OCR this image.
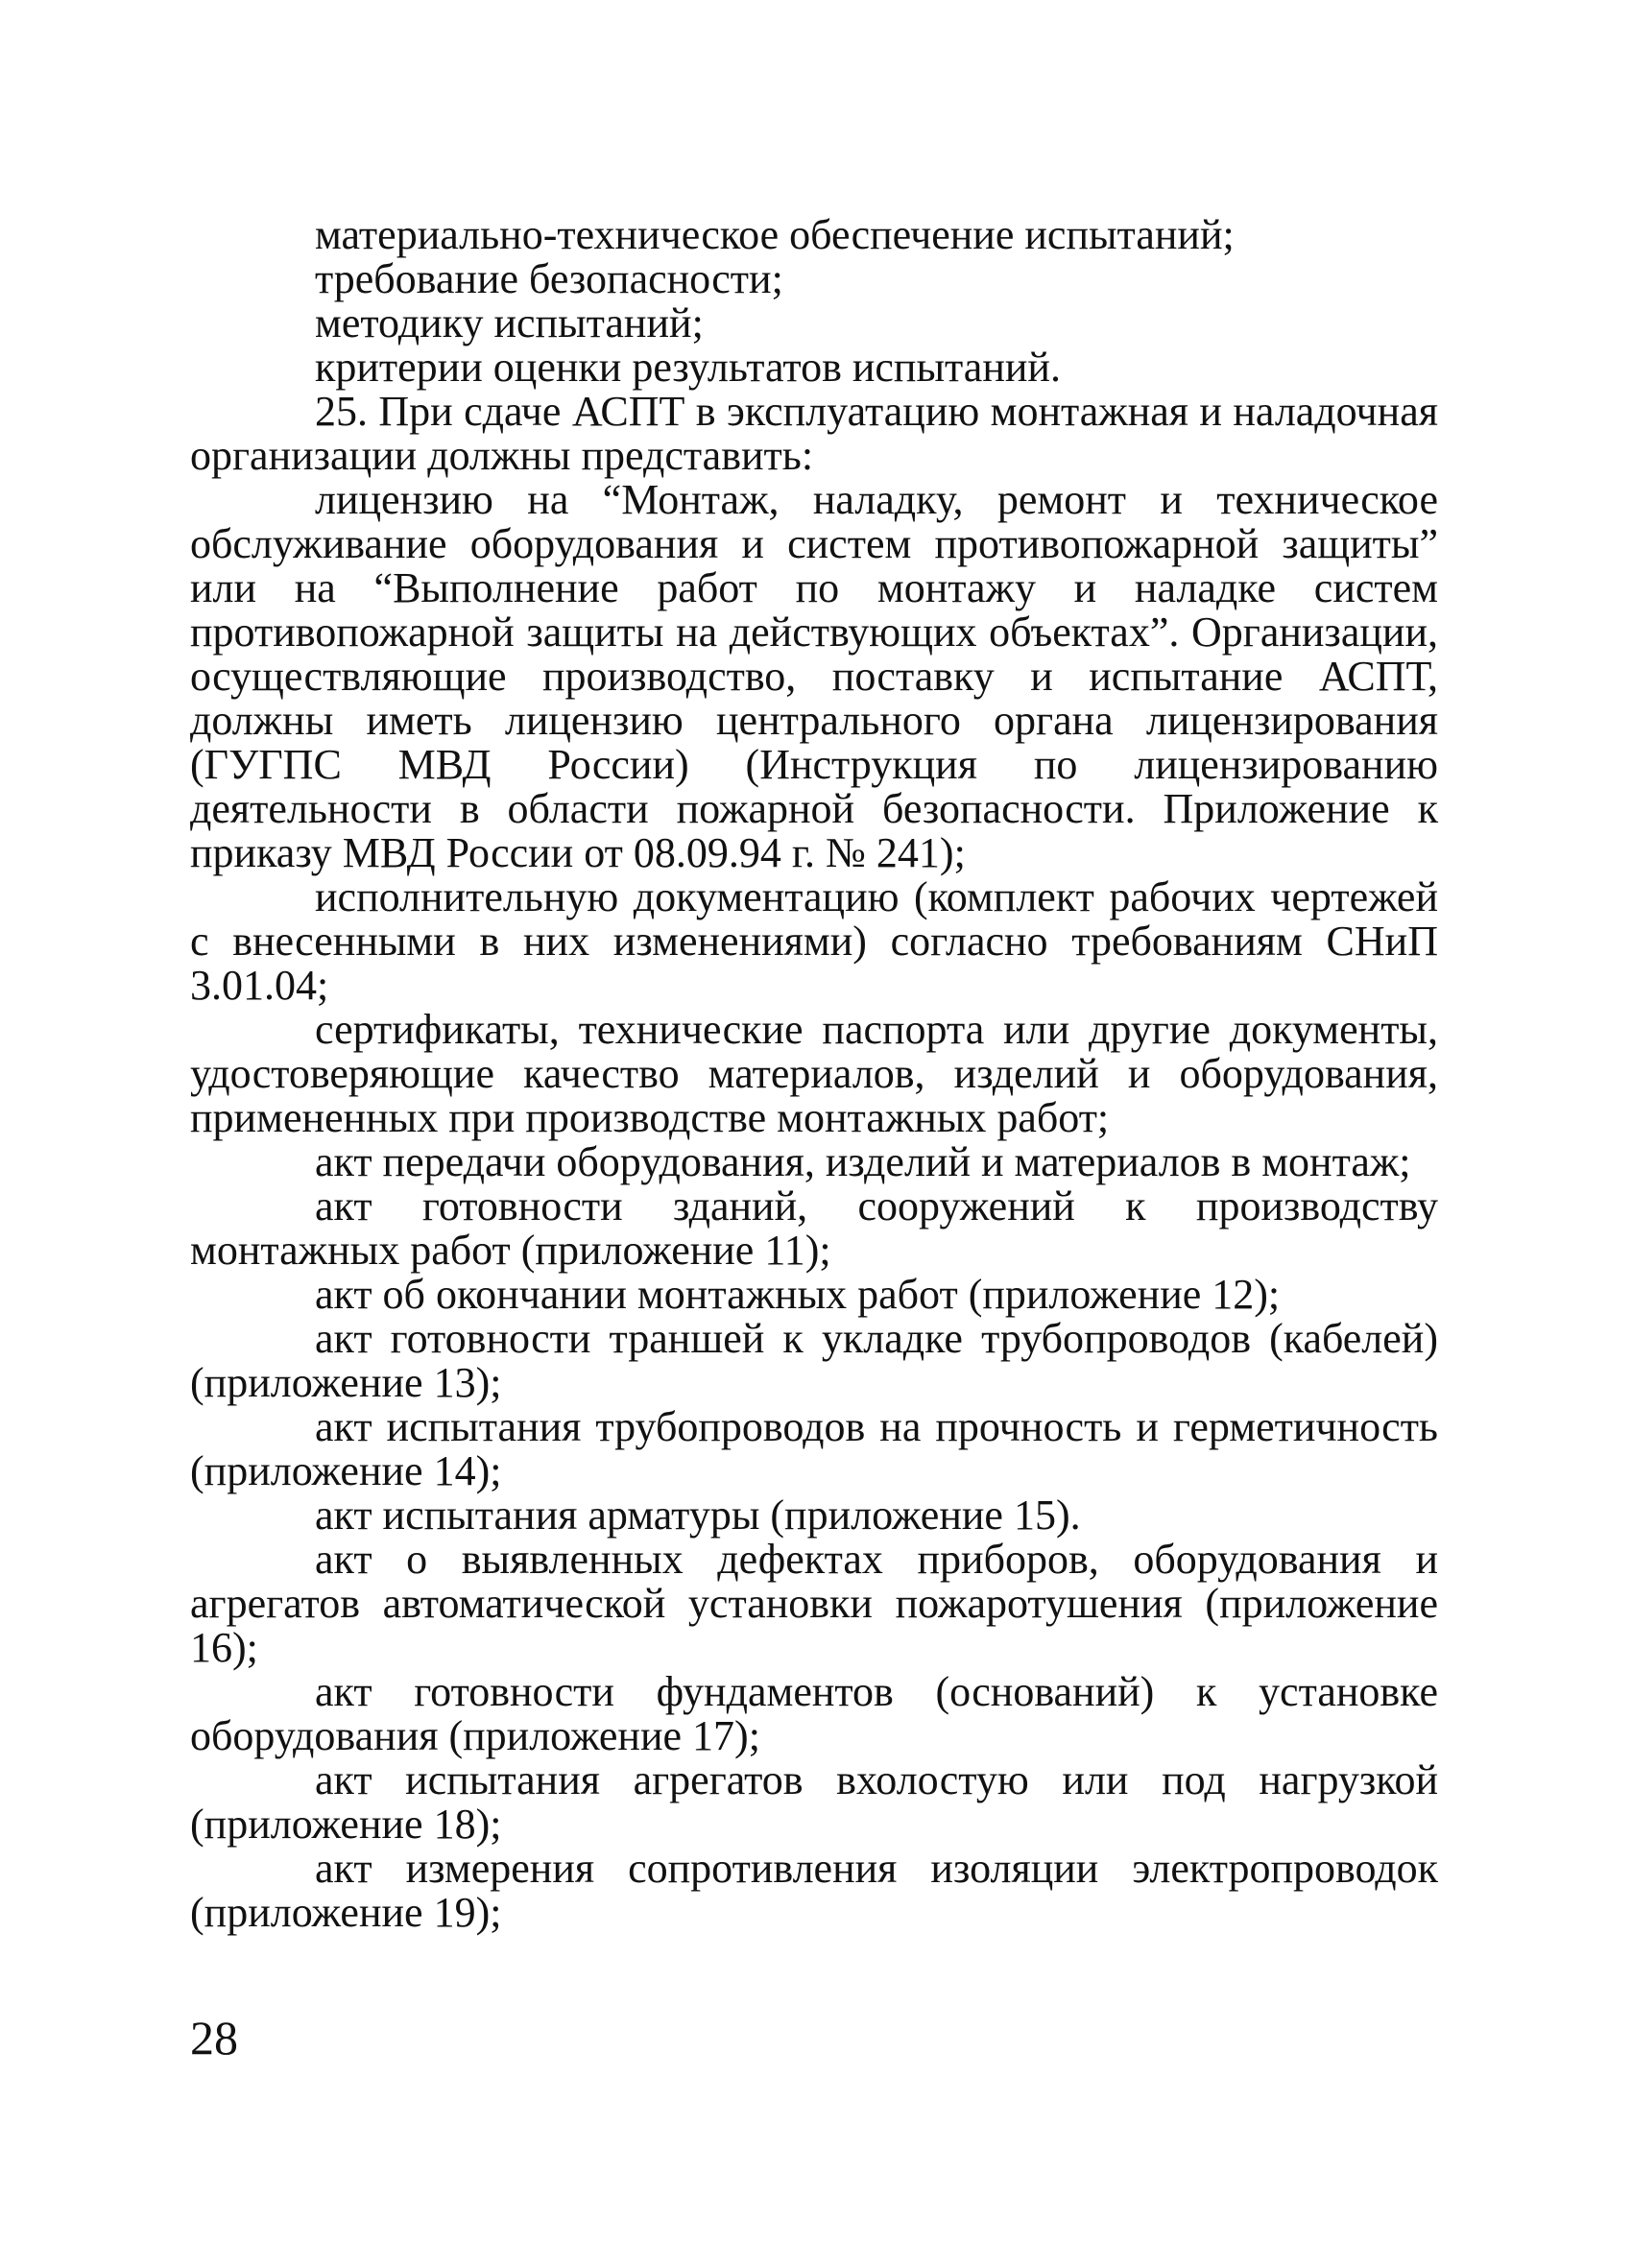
материально-техническое обеспечение испытаний;

требование безопасности;

методику испытаний;

критерии оценки результатов испытаний.

25. При сдаче АСПТ в эксплуатацию монтажная и наладочная организации должны представить:

лицензию на “Монтаж, наладку, ремонт и техническое обслуживание оборудования и систем противопожарной защиты” или на “Выполнение работ по монтажу и наладке систем противопожарной защиты на действующих объектах”. Организации, осуществляющие производство, поставку и испытание АСПТ, должны иметь лицензию центрального органа лицензирования (ГУГПС МВД России) (Инструкция по лицензированию деятельности в области пожарной безопасности. Приложение к приказу МВД России от 08.09.94 г. № 241);

исполнительную документацию (комплект рабочих чертежей с внесенными в них изменениями) согласно требованиям СНиП 3.01.04;

сертификаты, технические паспорта или другие документы, удостоверяющие качество материалов, изделий и оборудования, примененных при производстве монтажных работ;

акт передачи оборудования, изделий и материалов в монтаж;

акт готовности зданий, сооружений к производству монтажных работ (приложение 11);

акт об окончании монтажных работ (приложение 12);

акт готовности траншей к укладке трубопроводов (кабелей) (приложение 13);

акт испытания трубопроводов на прочность и герметичность (приложение 14);

акт испытания арматуры (приложение 15).

акт о выявленных дефектах приборов, оборудования и агрегатов автоматической установки пожаротушения (приложение 16);

акт готовности фундаментов (оснований) к установке оборудования (приложение 17);

акт испытания агрегатов вхолостую или под нагрузкой (приложение 18);

акт измерения сопротивления изоляции электропроводок (приложение 19);

28
